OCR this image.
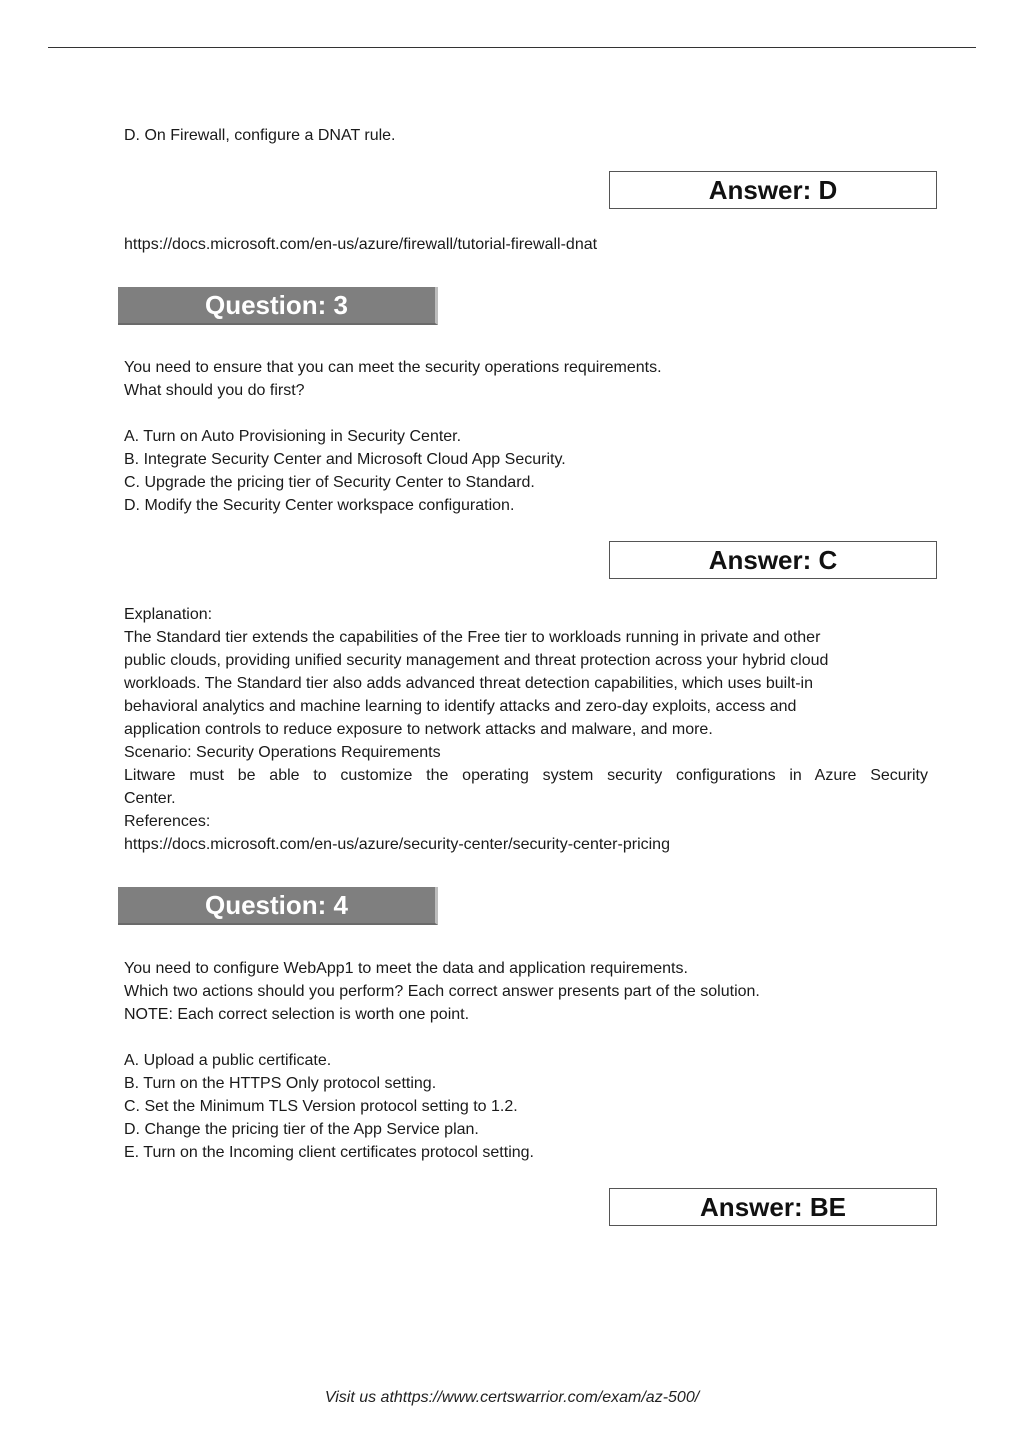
D. On Firewall, configure a DNAT rule.

Answer: D

https://docs.microsoft.com/en-us/azure/firewall/tutorial-firewall-dnat

Question: 3

You need to ensure that you can meet the security operations requirements.

What should you do first?

A. Turn on Auto Provisioning in Security Center.

B. Integrate Security Center and Microsoft Cloud App Security.

C. Upgrade the pricing tier of Security Center to Standard.

D. Modify the Security Center workspace configuration.

Answer: C

Explanation:

The Standard tier extends the capabilities of the Free tier to workloads running in private and other

public clouds, providing unified security management and threat protection across your hybrid cloud

workloads. The Standard tier also adds advanced threat detection capabilities, which uses built-in

behavioral analytics and machine learning to identify attacks and zero-day exploits, access and

application controls to reduce exposure to network attacks and malware, and more.

Scenario: Security Operations Requirements

Litware must be able to customize the operating system security configurations in Azure Security

Center.

References:

https://docs.microsoft.com/en-us/azure/security-center/security-center-pricing

Question: 4

You need to configure WebApp1 to meet the data and application requirements.

Which two actions should you perform? Each correct answer presents part of the solution.

NOTE: Each correct selection is worth one point.

A. Upload a public certificate.

B. Turn on the HTTPS Only protocol setting.

C. Set the Minimum TLS Version protocol setting to 1.2.

D. Change the pricing tier of the App Service plan.

E. Turn on the Incoming client certificates protocol setting.

Answer: BE
Visit us athttps://www.certswarrior.com/exam/az-500/
